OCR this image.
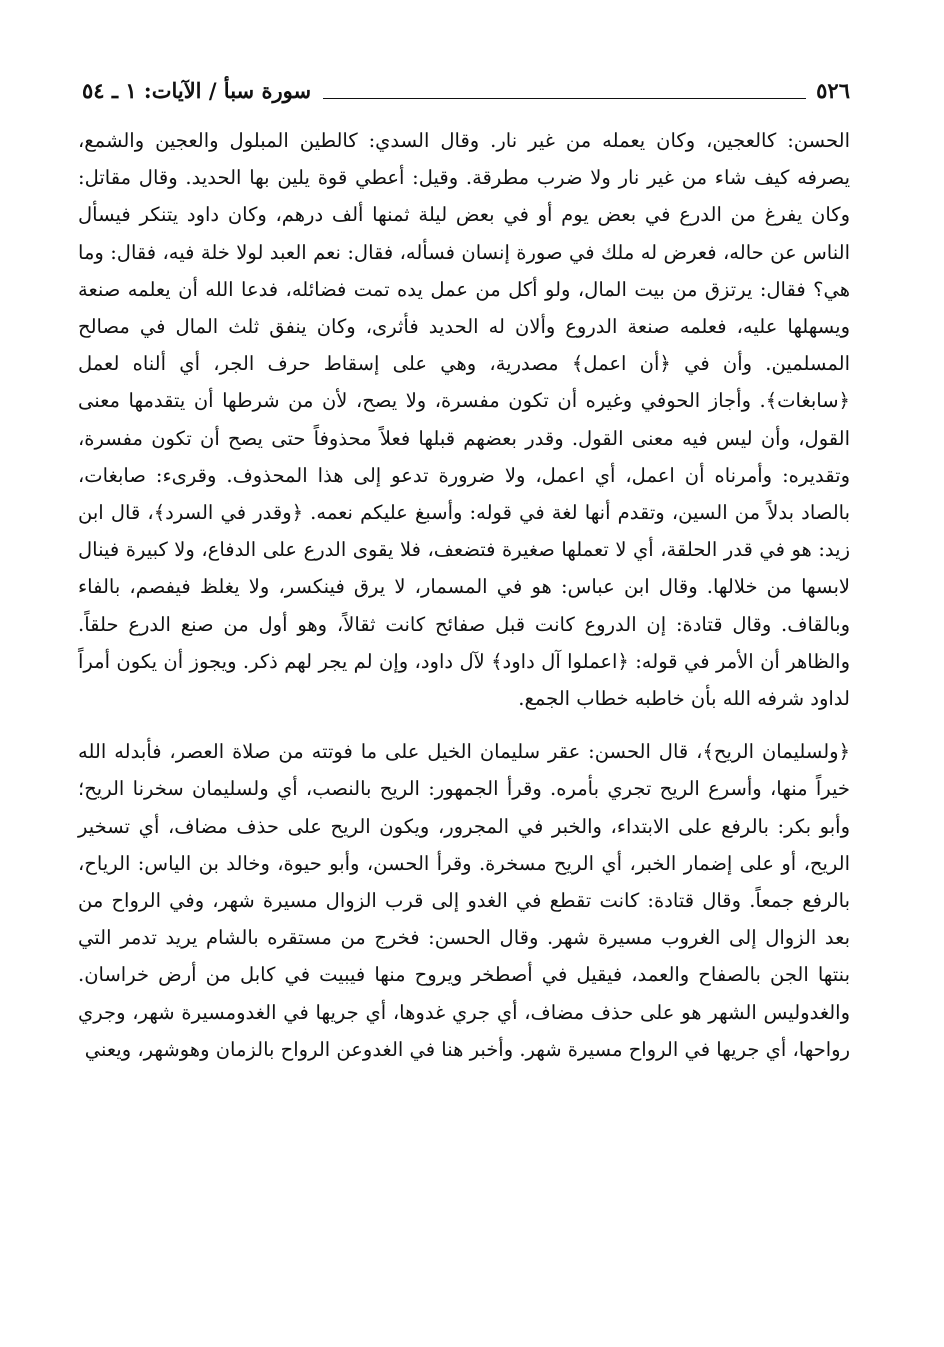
٥٢٦
سورة سبأ / الآيات: ١ ـ ٥٤

الحسن: كالعجين، وكان يعمله من غير نار. وقال السدي: كالطين المبلول والعجين والشمع، يصرفه كيف شاء من غير نار ولا ضرب مطرقة. وقيل: أعطي قوة يلين بها الحديد. وقال مقاتل: وكان يفرغ من الدرع في بعض يوم أو في بعض ليلة ثمنها ألف درهم، وكان داود يتنكر فيسأل الناس عن حاله، فعرض له ملك في صورة إنسان فسأله، فقال: نعم العبد لولا خلة فيه، فقال: وما هي؟ فقال: يرتزق من بيت المال، ولو أكل من عمل يده تمت فضائله، فدعا الله أن يعلمه صنعة ويسهلها عليه، فعلمه صنعة الدروع وألان له الحديد فأثرى، وكان ينفق ثلث المال في مصالح المسلمين. وأن في ﴿أن اعمل﴾ مصدرية، وهي على إسقاط حرف الجر، أي ألناه لعمل ﴿سابغات﴾. وأجاز الحوفي وغيره أن تكون مفسرة، ولا يصح، لأن من شرطها أن يتقدمها معنى القول، وأن ليس فيه معنى القول. وقدر بعضهم قبلها فعلاً محذوفاً حتى يصح أن تكون مفسرة، وتقديره: وأمرناه أن اعمل، أي اعمل، ولا ضرورة تدعو إلى هذا المحذوف. وقرىء: صابغات، بالصاد بدلاً من السين، وتقدم أنها لغة في قوله: وأسبغ عليكم نعمه. ﴿وقدر في السرد﴾، قال ابن زيد: هو في قدر الحلقة، أي لا تعملها صغيرة فتضعف، فلا يقوى الدرع على الدفاع، ولا كبيرة فينال لابسها من خلالها. وقال ابن عباس: هو في المسمار، لا يرق فينكسر، ولا يغلظ فيفصم، بالفاء وبالقاف. وقال قتادة: إن الدروع كانت قبل صفائح كانت ثقالاً، وهو أول من صنع الدرع حلقاً. والظاهر أن الأمر في قوله: ﴿اعملوا آل داود﴾ لآل داود، وإن لم يجر لهم ذكر. ويجوز أن يكون أمراً لداود شرفه الله بأن خاطبه خطاب الجمع.

﴿ولسليمان الريح﴾، قال الحسن: عقر سليمان الخيل على ما فوتته من صلاة العصر، فأبدله الله خيراً منها، وأسرع الريح تجري بأمره. وقرأ الجمهور: الريح بالنصب، أي ولسليمان سخرنا الريح؛ وأبو بكر: بالرفع على الابتداء، والخبر في المجرور، ويكون الريح على حذف مضاف، أي تسخير الريح، أو على إضمار الخبر، أي الريح مسخرة. وقرأ الحسن، وأبو حيوة، وخالد بن الياس: الرياح، بالرفع جمعاً. وقال قتادة: كانت تقطع في الغدو إلى قرب الزوال مسيرة شهر، وفي الرواح من بعد الزوال إلى الغروب مسيرة شهر. وقال الحسن: فخرج من مستقره بالشام يريد تدمر التي بنتها الجن بالصفاح والعمد، فيقيل في أصطخر ويروح منها فيبيت في كابل من أرض خراسان. والغدوليس الشهر هو على حذف مضاف، أي جري غدوها، أي جريها في الغدومسيرة شهر، وجري رواحها، أي جريها في الرواح مسيرة شهر. وأخبر هنا في الغدوعن الرواح بالزمان وهوشهر، ويعني
